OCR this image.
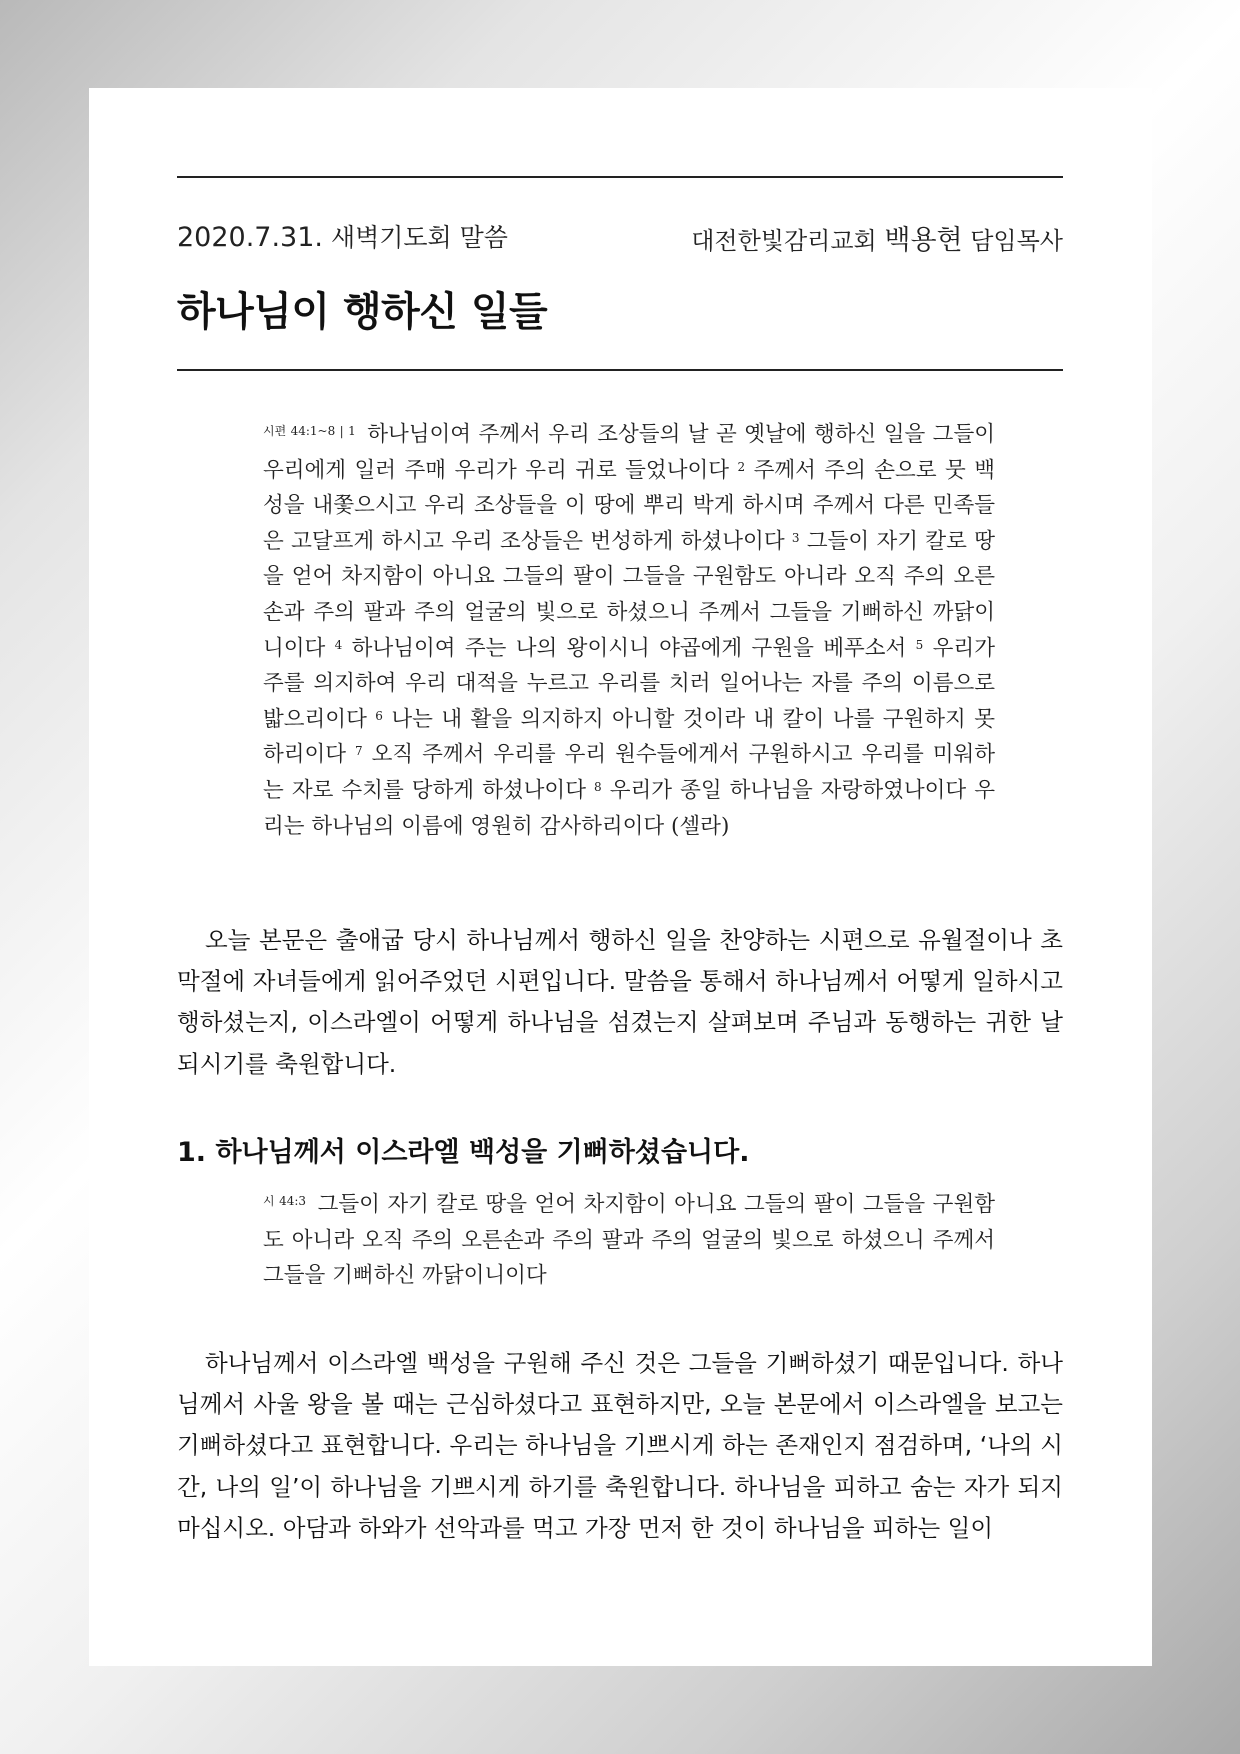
2020.7.31. 새벽기도회 말씀	대전한빛감리교회 백용현 담임목사
하나님이 행하신 일들
$^{시편 44:1\sim 8 | 1}$ 하나님이여 주께서 우리 조상들의 날 곧 옛날에 행하신 일을 그들이 우리에게 일러 주매 우리가 우리 귀로 들었나이다 $^2$ 주께서 주의 손으로 뭇 백성을 내쫓으시고 우리 조상들을 이 땅에 뿌리 박게 하시며 주께서 다른 민족들은 고달프게 하시고 우리 조상들은 번성하게 하셨나이다 $^3$ 그들이 자기 칼로 땅을 얻어 차지함이 아니요 그들의 팔이 그들을 구원함도 아니라 오직 주의 오른손과 주의 팔과 주의 얼굴의 빛으로 하셨으니 주께서 그들을 기뻐하신 까닭이니이다 $^4$ 하나님이여 주는 나의 왕이시니 야곱에게 구원을 베푸소서 $^5$ 우리가 주를 의지하여 우리 대적을 누르고 우리를 치러 일어나는 자를 주의 이름으로 밟으리이다 $^6$ 나는 내 활을 의지하지 아니할 것이라 내 칼이 나를 구원하지 못하리이다 $^7$ 오직 주께서 우리를 우리 원수들에게서 구원하시고 우리를 미워하는 자로 수치를 당하게 하셨나이다 $^8$ 우리가 종일 하나님을 자랑하였나이다 우리는 하나님의 이름에 영원히 감사하리이다 (셀라)

오늘 본문은 출애굽 당시 하나님께서 행하신 일을 찬양하는 시편으로 유월절이나 초막절에 자녀들에게 읽어주었던 시편입니다. 말씀을 통해서 하나님께서 어떻게 일하시고 행하셨는지, 이스라엘이 어떻게 하나님을 섬겼는지 살펴보며 주님과 동행하는 귀한 날 되시기를 축원합니다.

1. 하나님께서 이스라엘 백성을 기뻐하셨습니다.
$^{시 44:3}$ 그들이 자기 칼로 땅을 얻어 차지함이 아니요 그들의 팔이 그들을 구원함도 아니라 오직 주의 오른손과 주의 팔과 주의 얼굴의 빛으로 하셨으니 주께서 그들을 기뻐하신 까닭이니이다

하나님께서 이스라엘 백성을 구원해 주신 것은 그들을 기뻐하셨기 때문입니다. 하나님께서 사울 왕을 볼 때는 근심하셨다고 표현하지만, 오늘 본문에서 이스라엘을 보고는 기뻐하셨다고 표현합니다. 우리는 하나님을 기쁘시게 하는 존재인지 점검하며, ‘나의 시간, 나의 일’이 하나님을 기쁘시게 하기를 축원합니다. 하나님을 피하고 숨는 자가 되지 마십시오. 아담과 하와가 선악과를 먹고 가장 먼저 한 것이 하나님을 피하는 일이
